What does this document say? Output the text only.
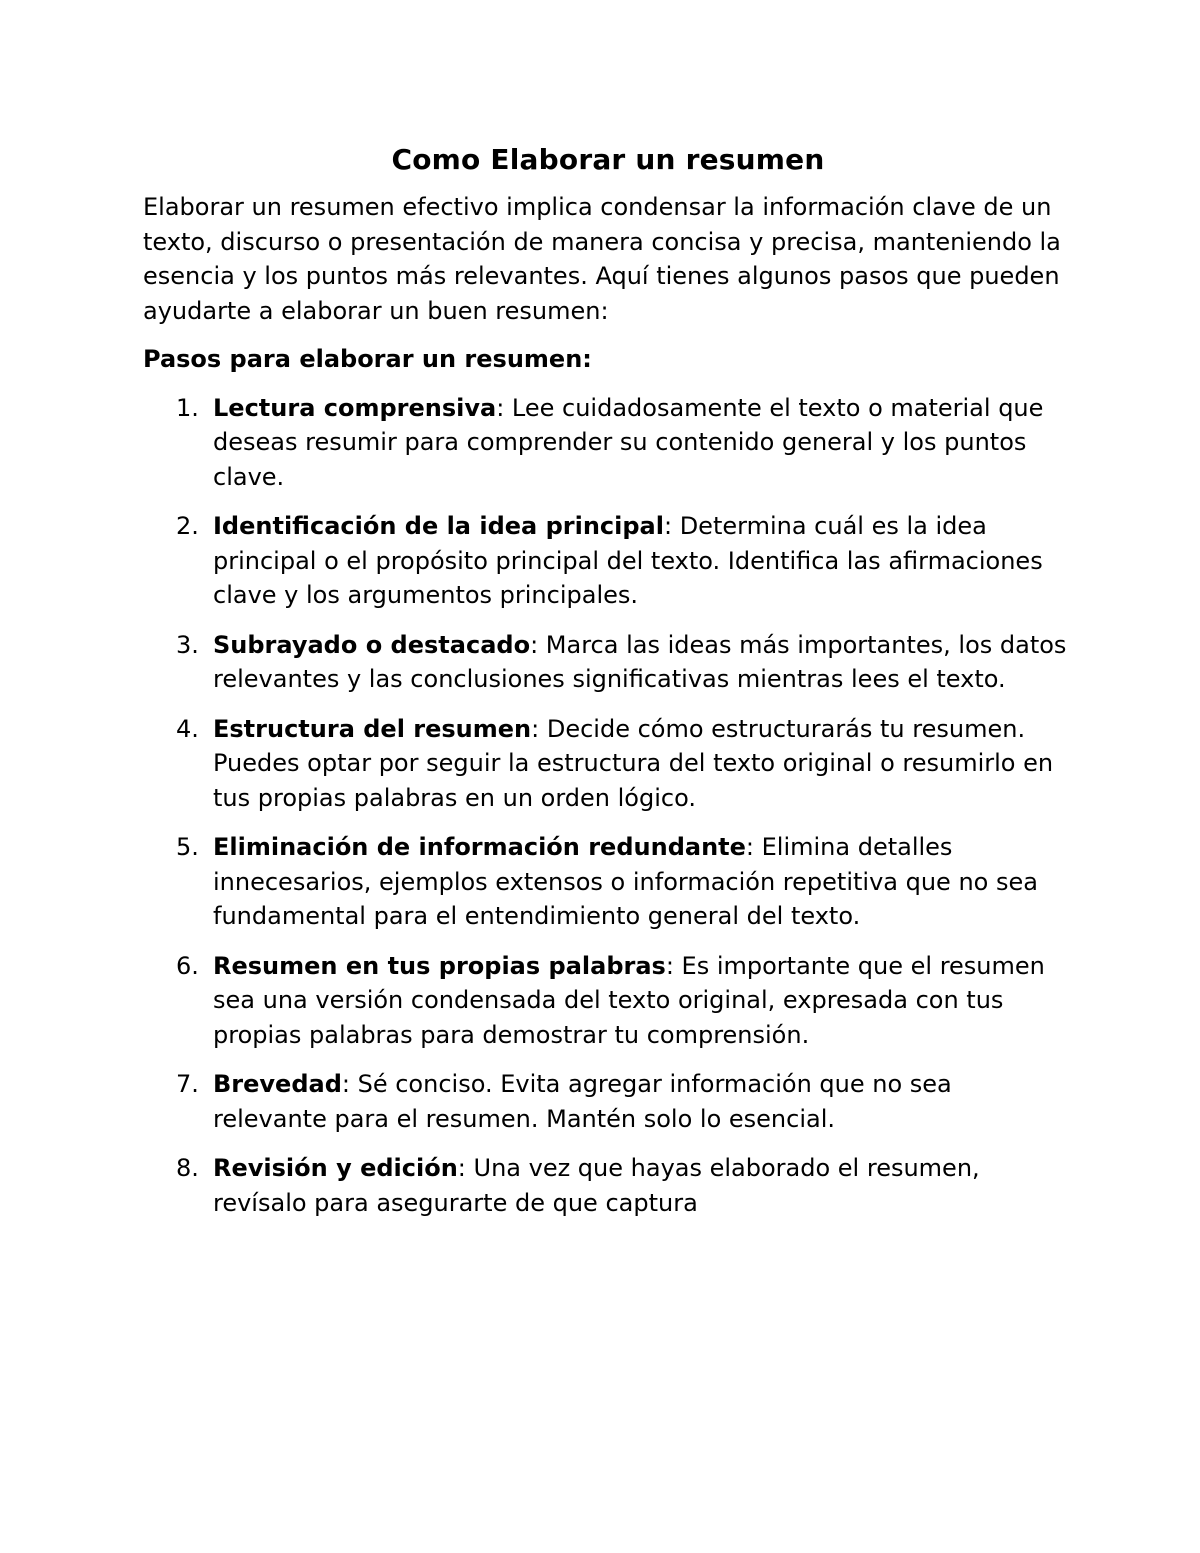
Como Elaborar un resumen

Elaborar un resumen efectivo implica condensar la información clave de un texto, discurso o presentación de manera concisa y precisa, manteniendo la esencia y los puntos más relevantes. Aquí tienes algunos pasos que pueden ayudarte a elaborar un buen resumen:

Pasos para elaborar un resumen:

1. Lectura comprensiva: Lee cuidadosamente el texto o material que deseas resumir para comprender su contenido general y los puntos clave.
2. Identificación de la idea principal: Determina cuál es la idea principal o el propósito principal del texto. Identifica las afirmaciones clave y los argumentos principales.
3. Subrayado o destacado: Marca las ideas más importantes, los datos relevantes y las conclusiones significativas mientras lees el texto.
4. Estructura del resumen: Decide cómo estructurarás tu resumen. Puedes optar por seguir la estructura del texto original o resumirlo en tus propias palabras en un orden lógico.
5. Eliminación de información redundante: Elimina detalles innecesarios, ejemplos extensos o información repetitiva que no sea fundamental para el entendimiento general del texto.
6. Resumen en tus propias palabras: Es importante que el resumen sea una versión condensada del texto original, expresada con tus propias palabras para demostrar tu comprensión.
7. Brevedad: Sé conciso. Evita agregar información que no sea relevante para el resumen. Mantén solo lo esencial.
8. Revisión y edición: Una vez que hayas elaborado el resumen, revísalo para asegurarte de que captura
